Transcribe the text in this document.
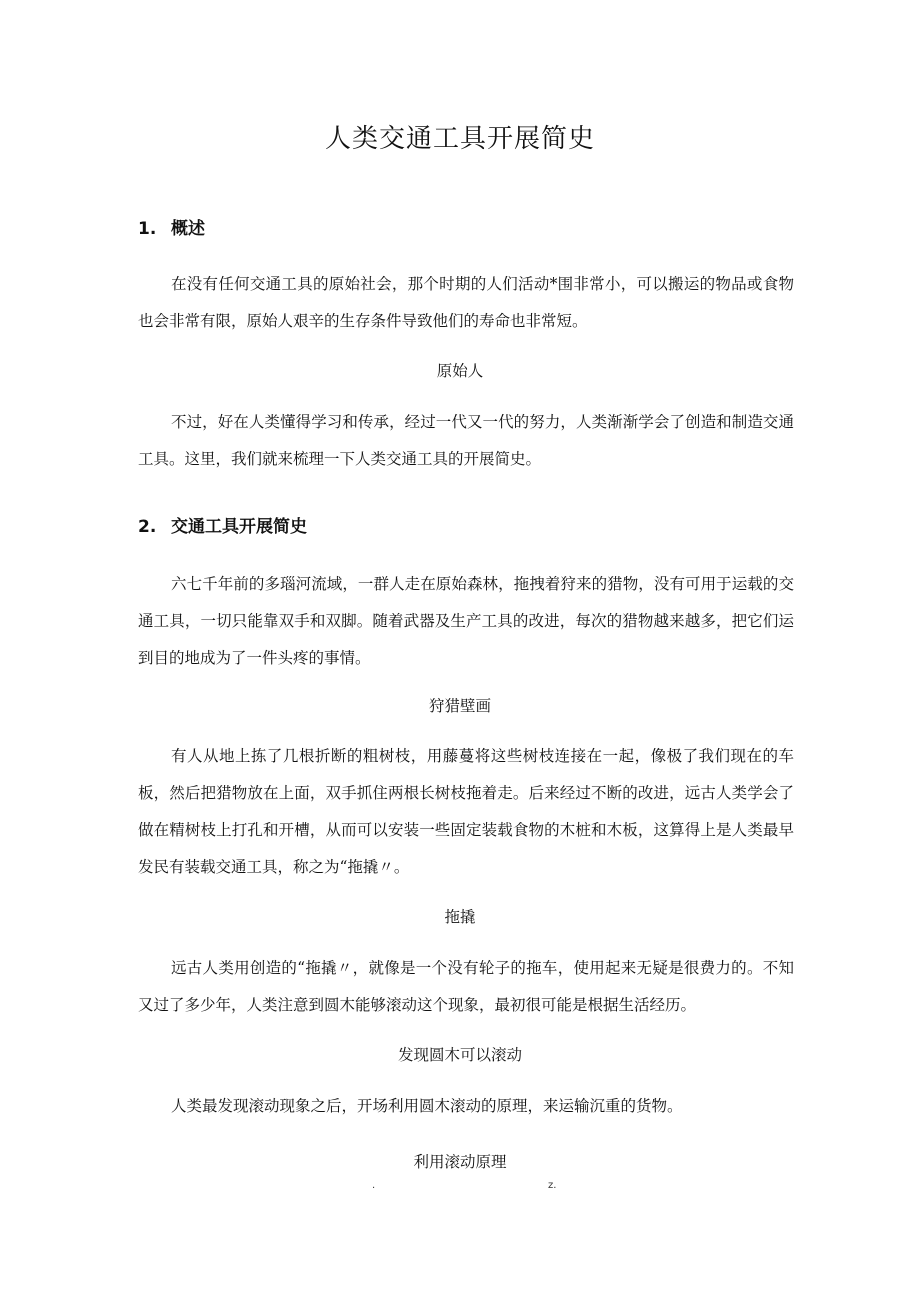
人类交通工具开展简史
1. 概述

在没有任何交通工具的原始社会，那个时期的人们活动*围非常小，可以搬运的物品或食物也会非常有限，原始人艰辛的生存条件导致他们的寿命也非常短。

原始人

不过，好在人类懂得学习和传承，经过一代又一代的努力，人类渐渐学会了创造和制造交通工具。这里，我们就来梳理一下人类交通工具的开展简史。

2. 交通工具开展简史

六七千年前的多瑙河流域，一群人走在原始森林，拖拽着狩来的猎物，没有可用于运载的交通工具，一切只能靠双手和双脚。随着武器及生产工具的改进，每次的猎物越来越多，把它们运到目的地成为了一件头疼的事情。

狩猎壁画

有人从地上拣了几根折断的粗树枝，用藤蔓将这些树枝连接在一起，像极了我们现在的车板，然后把猎物放在上面，双手抓住两根长树枝拖着走。后来经过不断的改进，远古人类学会了做在精树枝上打孔和开槽，从而可以安装一些固定装载食物的木桩和木板，这算得上是人类最早发民有装载交通工具，称之为“拖撬〃。

拖撬

远古人类用创造的“拖撬〃，就像是一个没有轮子的拖车，使用起来无疑是很费力的。不知又过了多少年，人类注意到圆木能够滚动这个现象，最初很可能是根据生活经历。

发现圆木可以滚动

人类最发现滚动现象之后，开场利用圆木滚动的原理，来运输沉重的货物。

利用滚动原理

.	z.
